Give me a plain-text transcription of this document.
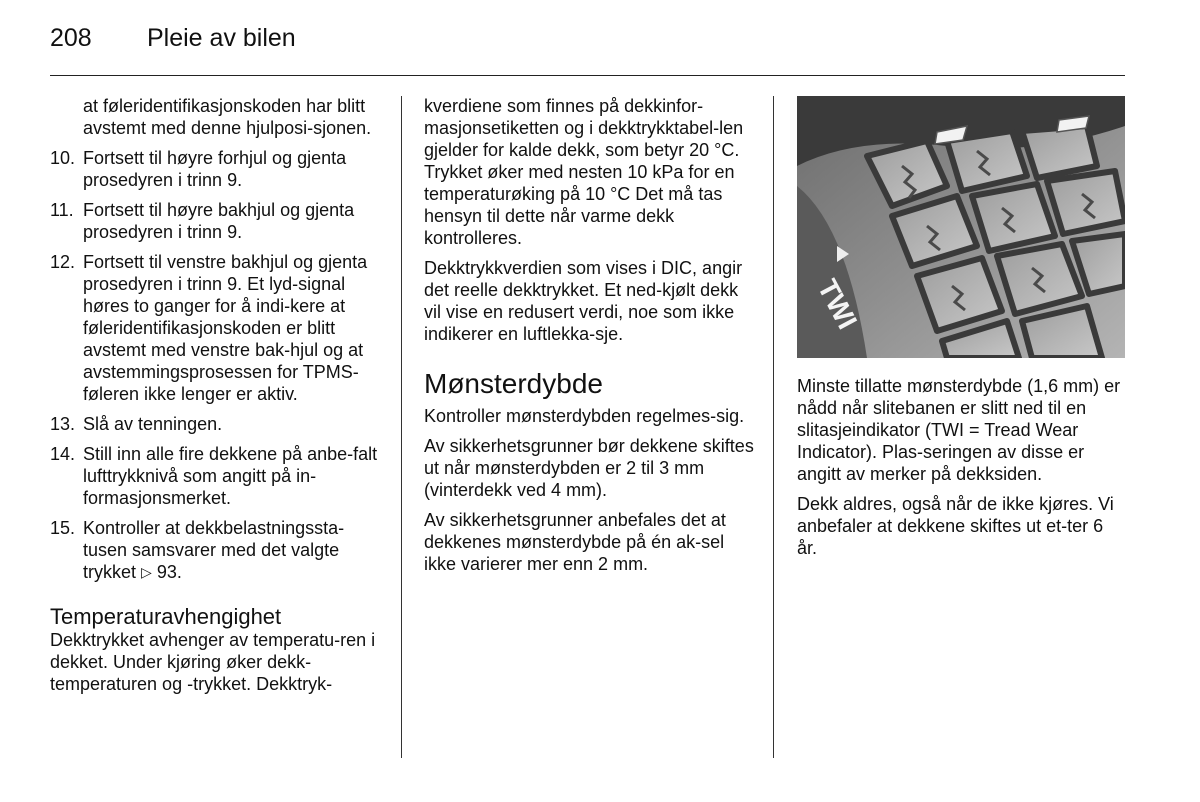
208 Pleie av bilen

at føleridentifikasjonskoden har blitt avstemt med denne hjulposi-sjonen.

10. Fortsett til høyre forhjul og gjenta prosedyren i trinn 9.
11. Fortsett til høyre bakhjul og gjenta prosedyren i trinn 9.
12. Fortsett til venstre bakhjul og gjenta prosedyren i trinn 9. Et lyd-signal høres to ganger for å indi-kere at føleridentifikasjonskoden er blitt avstemt med venstre bak-hjul og at avstemmingsprosessen for TPMS-føleren ikke lenger er aktiv.
13. Slå av tenningen.
14. Still inn alle fire dekkene på anbe-falt lufttrykknivå som angitt på in-formasjonsmerket.
15. Kontroller at dekkbelastningssta-tusen samsvarer med det valgte trykket ▷ 93.
Temperaturavhengighet

Dekktrykket avhenger av temperatu-ren i dekket. Under kjøring øker dekk-temperaturen og -trykket. Dekktryk-

kverdiene som finnes på dekkinfor-masjonsetiketten og i dekktrykktabel-len gjelder for kalde dekk, som betyr 20 °C. Trykket øker med nesten 10 kPa for en temperaturøking på 10 °C Det må tas hensyn til dette når varme dekk kontrolleres.

Dekktrykkverdien som vises i DIC, angir det reelle dekktrykket. Et ned-kjølt dekk vil vise en redusert verdi, noe som ikke indikerer en luftlekka-sje.

Mønsterdybde

Kontroller mønsterdybden regelmes-sig.

Av sikkerhetsgrunner bør dekkene skiftes ut når mønsterdybden er 2 til 3 mm (vinterdekk ved 4 mm).

Av sikkerhetsgrunner anbefales det at dekkenes mønsterdybde på én ak-sel ikke varierer mer enn 2 mm.

TWI

Minste tillatte mønsterdybde (1,6 mm) er nådd når slitebanen er slitt ned til en slitasjeindikator (TWI = Tread Wear Indicator). Plas-seringen av disse er angitt av merker på dekksiden.

Dekk aldres, også når de ikke kjøres. Vi anbefaler at dekkene skiftes ut et-ter 6 år.
